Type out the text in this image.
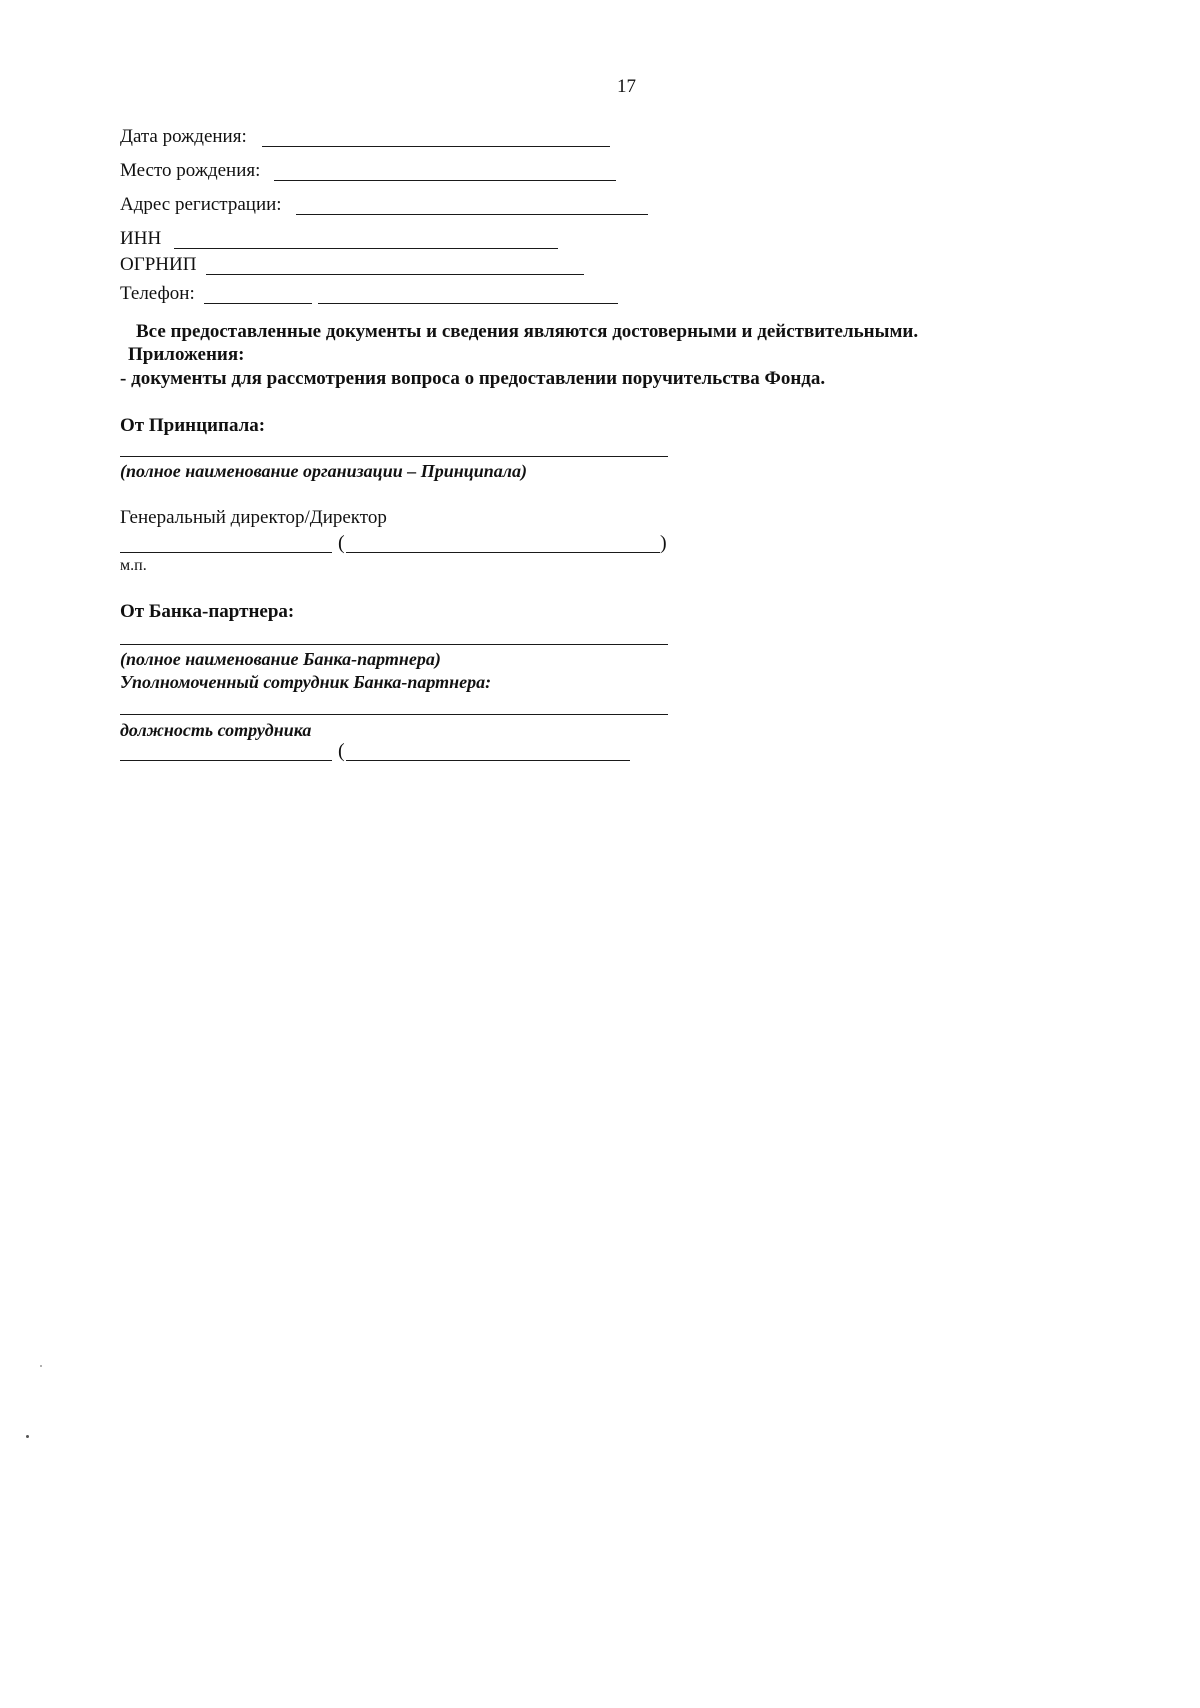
17
Дата рождения:
Место рождения:
Адрес регистрации:
ИНН
ОГРНИП
Телефон:
Все предоставленные документы и сведения являются достоверными и действительными.
Приложения:
- документы для рассмотрения вопроса о предоставлении поручительства Фонда.
От Принципала:
(полное наименование организации – Принципала)
Генеральный директор/Директор
(	)
м.п.
От Банка-партнера:
(полное наименование Банка-партнера)
Уполномоченный сотрудник Банка-партнера:
должность сотрудника
(
